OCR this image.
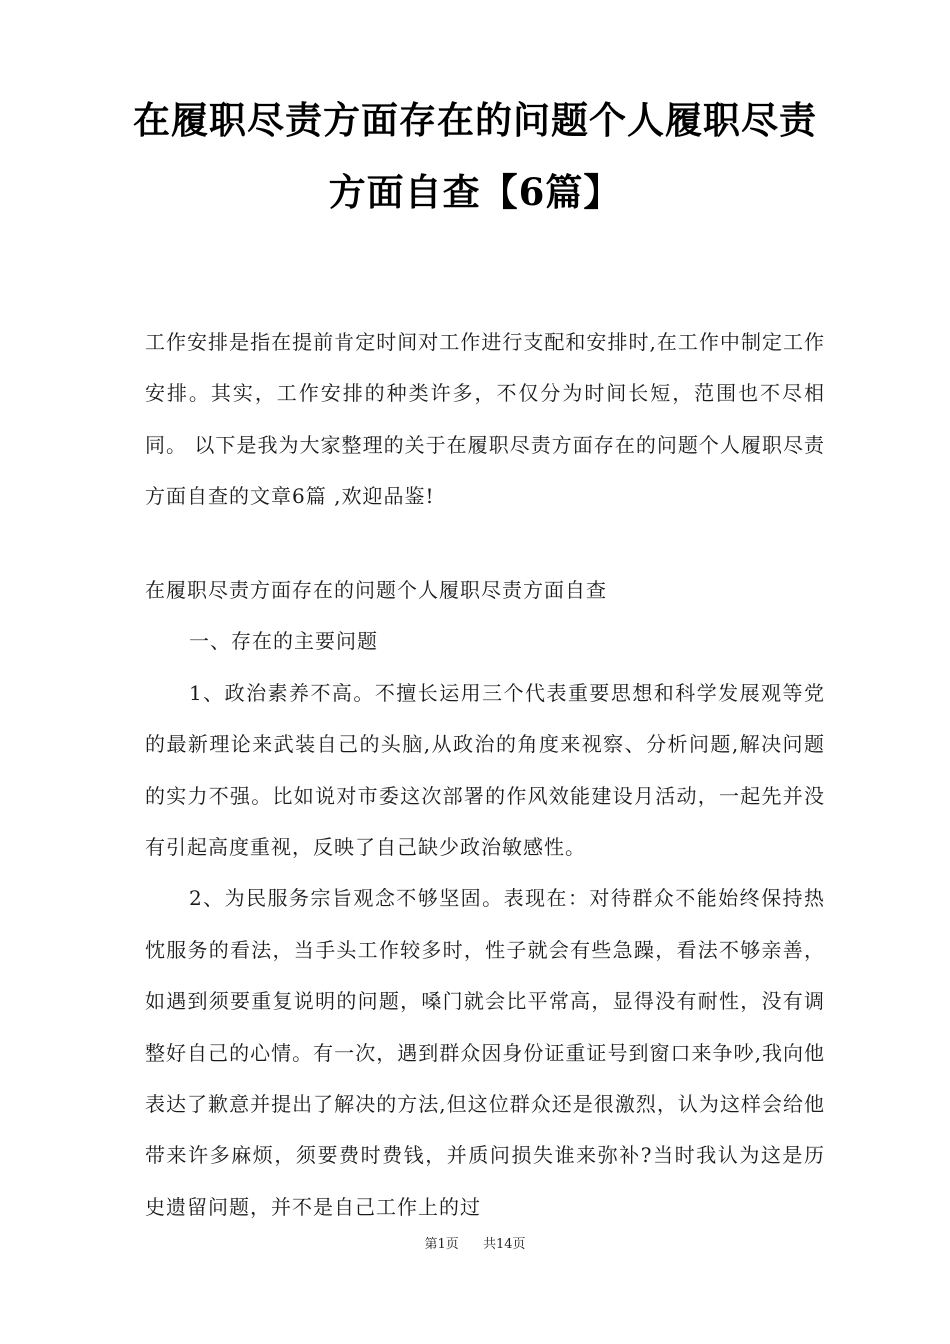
在履职尽责方面存在的问题个人履职尽责
方面自查【6篇】

工作安排是指在提前肯定时间对工作进行支配和安排时,在工作中制定工作安排。其实，工作安排的种类许多，不仅分为时间长短，范围也不尽相同。 以下是我为大家整理的关于在履职尽责方面存在的问题个人履职尽责方面自查的文章6篇 ,欢迎品鉴!

在履职尽责方面存在的问题个人履职尽责方面自查

一、存在的主要问题

1、政治素养不高。不擅长运用三个代表重要思想和科学发展观等党的最新理论来武装自己的头脑,从政治的角度来视察、分析问题,解决问题的实力不强。比如说对市委这次部署的作风效能建设月活动，一起先并没有引起高度重视，反映了自己缺少政治敏感性。

2、为民服务宗旨观念不够坚固。表现在：对待群众不能始终保持热忱服务的看法，当手头工作较多时，性子就会有些急躁，看法不够亲善，如遇到须要重复说明的问题，嗓门就会比平常高，显得没有耐性，没有调整好自己的心情。有一次，遇到群众因身份证重证号到窗口来争吵,我向他表达了歉意并提出了解决的方法,但这位群众还是很激烈，认为这样会给他带来许多麻烦，须要费时费钱，并质问损失谁来弥补?当时我认为这是历史遗留问题，并不是自己工作上的过

第1页 共14页
